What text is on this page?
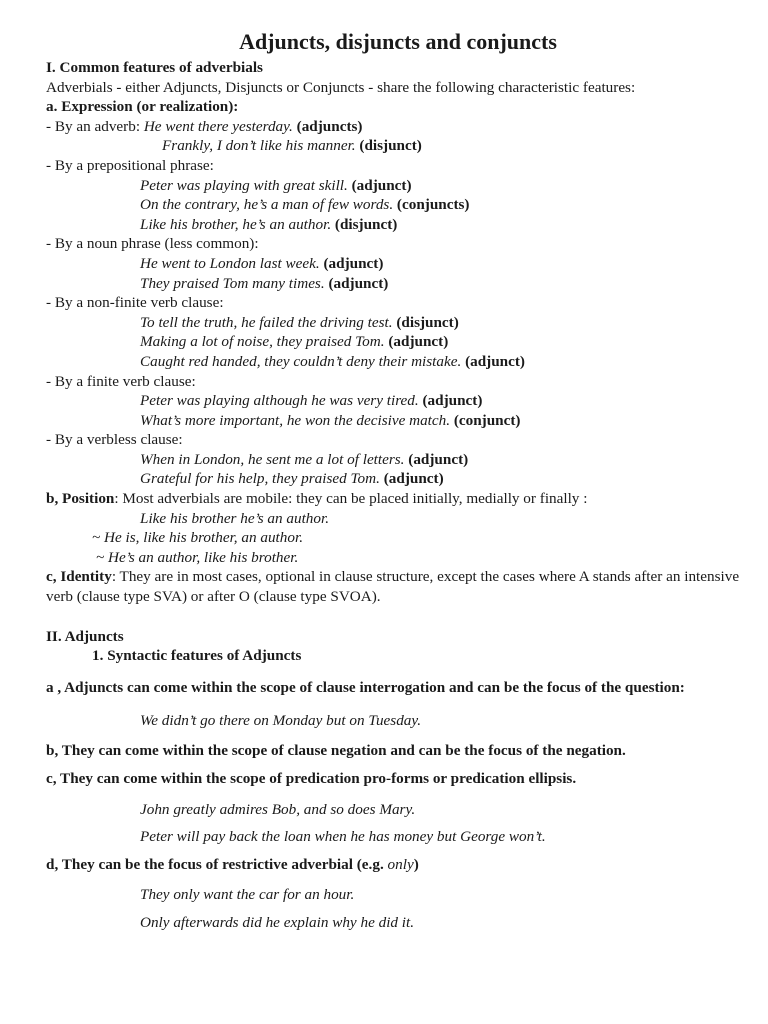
Adjuncts, disjuncts and conjuncts
I. Common features of adverbials
Adverbials - either Adjuncts, Disjuncts or Conjuncts - share the following characteristic features:
a. Expression (or realization):
- By an adverb: He went there yesterday. (adjuncts)
Frankly, I don’t like his manner. (disjunct)
- By a prepositional phrase:
Peter was playing with great skill. (adjunct)
On the contrary, he’s a man of few words. (conjuncts)
Like his brother, he’s an author. (disjunct)
- By a noun phrase (less common):
He went to London last week. (adjunct)
They praised Tom many times. (adjunct)
- By a non-finite verb clause:
To tell the truth, he failed the driving test. (disjunct)
Making a lot of noise, they praised Tom. (adjunct)
Caught red handed, they couldn’t deny their mistake. (adjunct)
- By a finite verb clause:
Peter was playing although he was very tired. (adjunct)
What’s more important, he won the decisive match. (conjunct)
- By a verbless clause:
When in London, he sent me a lot of letters. (adjunct)
Grateful for his help, they praised Tom. (adjunct)
b, Position: Most adverbials are mobile: they can be placed initially, medially or finally :
Like his brother he’s an author.
~ He is, like his brother, an author.
~ He’s an author, like his brother.
c, Identity: They are in most cases, optional in clause structure, except the cases where A stands after an intensive verb (clause type SVA) or after O (clause type SVOA).
II. Adjuncts
1. Syntactic features of Adjuncts
a , Adjuncts can come within the scope of clause interrogation and can be the focus of the question:
We didn’t go there on Monday but on Tuesday.
b, They can come within the scope of clause negation and can be the focus of the negation.
c, They can come within the scope of predication pro-forms or predication ellipsis.
John greatly admires Bob, and so does Mary.
Peter will pay back the loan when he has money but George won’t.
d, They can be the focus of restrictive adverbial (e.g. only)
They only want the car for an hour.
Only afterwards did he explain why he did it.
